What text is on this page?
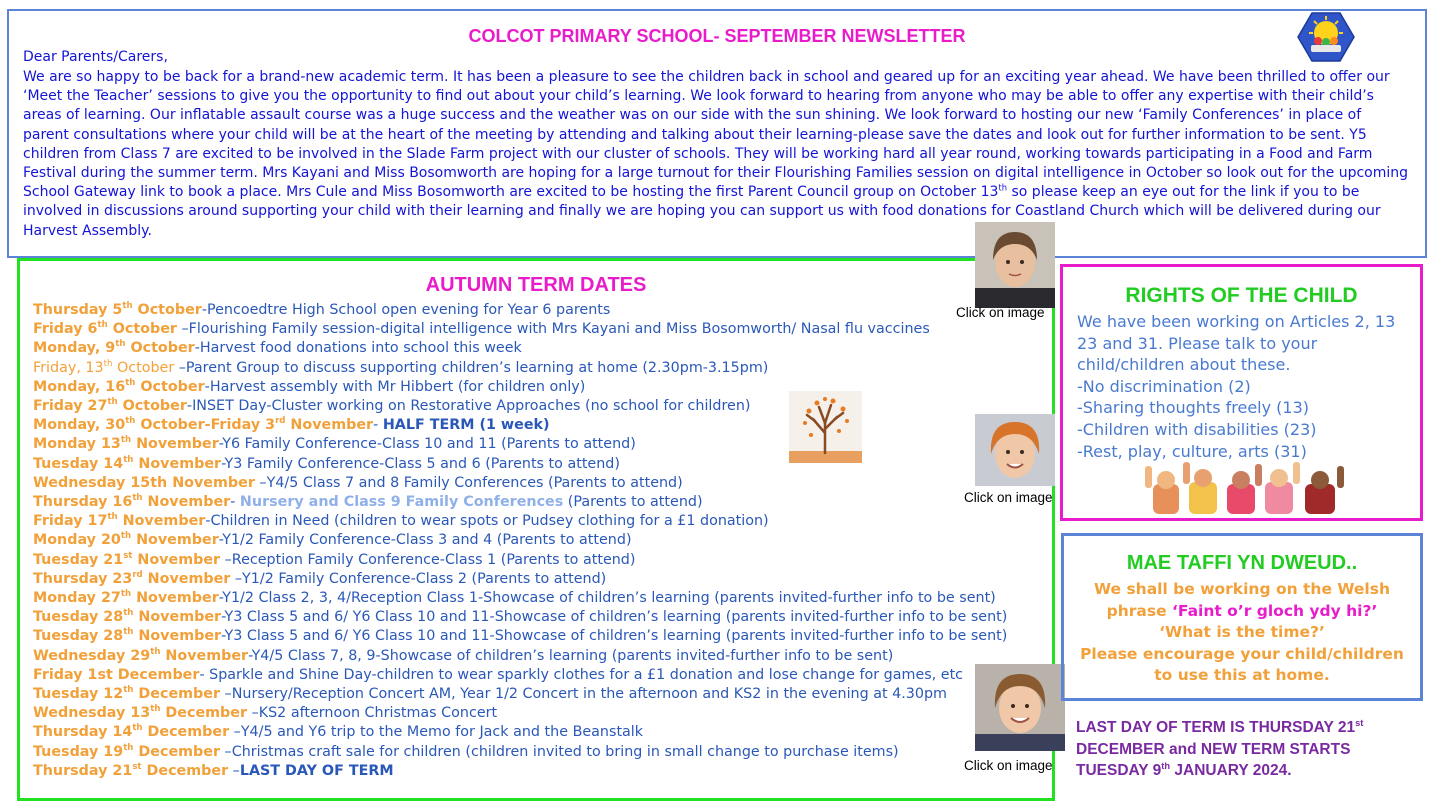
COLCOT PRIMARY SCHOOL- SEPTEMBER NEWSLETTER
Dear Parents/Carers,
We are so happy to be back for a brand-new academic term. It has been a pleasure to see the children back in school and geared up for an exciting year ahead. We have been thrilled to offer our ‘Meet the Teacher’ sessions to give you the opportunity to find out about your child’s learning. We look forward to hearing from anyone who may be able to offer any expertise with their child’s areas of learning. Our inflatable assault course was a huge success and the weather was on our side with the sun shining. We look forward to hosting our new ‘Family Conferences’ in place of parent consultations where your child will be at the heart of the meeting by attending and talking about their learning-please save the dates and look out for further information to be sent. Y5 children from Class 7 are excited to be involved in the Slade Farm project with our cluster of schools. They will be working hard all year round, working towards participating in a Food and Farm Festival during the summer term. Mrs Kayani and Miss Bosomworth are hoping for a large turnout for their Flourishing Families session on digital intelligence in October so look out for the upcoming School Gateway link to book a place. Mrs Cule and Miss Bosomworth are excited to be hosting the first Parent Council group on October 13th so please keep an eye out for the link if you to be involved in discussions around supporting your child with their learning and finally we are hoping you can support us with food donations for Coastland Church which will be delivered during our Harvest Assembly.
AUTUMN TERM DATES
Thursday 5th October-Pencoedtre High School open evening for Year 6 parents
Friday 6th October –Flourishing Family session-digital intelligence with Mrs Kayani and Miss Bosomworth/ Nasal flu vaccines
Monday, 9th October-Harvest food donations into school this week
Friday, 13th October –Parent Group to discuss supporting children’s learning at home (2.30pm-3.15pm)
Monday, 16th October-Harvest assembly with Mr Hibbert (for children only)
Friday 27th October-INSET Day-Cluster working on Restorative Approaches (no school for children)
Monday, 30th October-Friday 3rd November- HALF TERM (1 week)
Monday 13th November-Y6 Family Conference-Class 10 and 11 (Parents to attend)
Tuesday 14th November-Y3 Family Conference-Class 5 and 6 (Parents to attend)
Wednesday 15th November –Y4/5 Class 7 and 8 Family Conferences (Parents to attend)
Thursday 16th November- Nursery and Class 9 Family Conferences (Parents to attend)
Friday 17th November-Children in Need (children to wear spots or Pudsey clothing for a £1 donation)
Monday 20th November-Y1/2 Family Conference-Class 3 and 4 (Parents to attend)
Tuesday 21st November –Reception Family Conference-Class 1 (Parents to attend)
Thursday 23rd November –Y1/2 Family Conference-Class 2 (Parents to attend)
Monday 27th November-Y1/2 Class 2, 3, 4/Reception Class 1-Showcase of children’s learning (parents invited-further info to be sent)
Tuesday 28th November-Y3 Class 5 and 6/ Y6 Class 10 and 11-Showcase of children’s learning (parents invited-further info to be sent)
Tuesday 28th November-Y3 Class 5 and 6/ Y6 Class 10 and 11-Showcase of children’s learning (parents invited-further info to be sent)
Wednesday 29th November-Y4/5 Class 7, 8, 9-Showcase of children’s learning (parents invited-further info to be sent)
Friday 1st December- Sparkle and Shine Day-children to wear sparkly clothes for a £1 donation and lose change for games, etc
Tuesday 12th December –Nursery/Reception Concert AM, Year 1/2 Concert in the afternoon and KS2 in the evening at 4.30pm
Wednesday 13th December –KS2 afternoon Christmas Concert
Thursday 14th December –Y4/5 and Y6 trip to the Memo for Jack and the Beanstalk
Tuesday 19th December –Christmas craft sale for children (children invited to bring in small change to purchase items)
Thursday 21st December –LAST DAY OF TERM
Click on image
Click on image
Click on image
RIGHTS OF THE CHILD
We have been working on Articles 2, 13 23 and 31. Please talk to your child/children about these.
-No discrimination (2)
-Sharing thoughts freely (13)
-Children with disabilities (23)
-Rest, play, culture, arts (31)
MAE TAFFI YN DWEUD..
We shall be working on the Welsh phrase ‘Faint o’r gloch ydy hi?’
‘What is the time?’
Please encourage your child/children to use this at home.
LAST DAY OF TERM IS THURSDAY 21st DECEMBER and NEW TERM STARTS TUESDAY 9th JANUARY 2024.
